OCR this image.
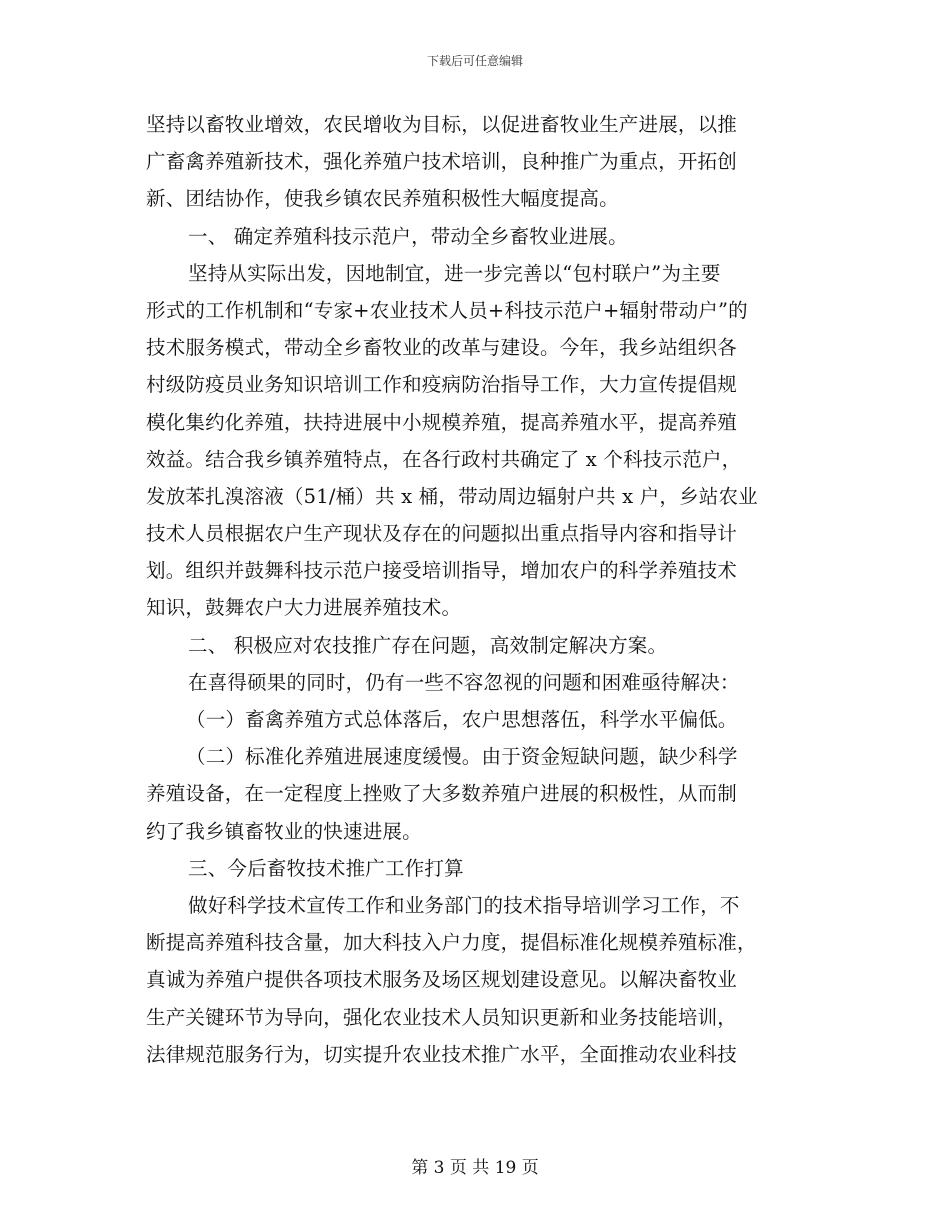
下载后可任意编辑
坚持以畜牧业增效，农民增收为目标，以促进畜牧业生产进展，以推
广畜禽养殖新技术，强化养殖户技术培训，良种推广为重点，开拓创
新、团结协作，使我乡镇农民养殖积极性大幅度提高。
一、 确定养殖科技示范户，带动全乡畜牧业进展。
坚持从实际出发，因地制宜，进一步完善以“包村联户”为主要
形式的工作机制和“专家+农业技术人员+科技示范户+辐射带动户”的
技术服务模式，带动全乡畜牧业的改革与建设。今年，我乡站组织各
村级防疫员业务知识培训工作和疫病防治指导工作，大力宣传提倡规
模化集约化养殖，扶持进展中小规模养殖，提高养殖水平，提高养殖
效益。结合我乡镇养殖特点，在各行政村共确定了 x 个科技示范户，
发放苯扎溴溶液（51/桶）共 x 桶，带动周边辐射户共 x 户，乡站农业
技术人员根据农户生产现状及存在的问题拟出重点指导内容和指导计
划。组织并鼓舞科技示范户接受培训指导，增加农户的科学养殖技术
知识，鼓舞农户大力进展养殖技术。
二、 积极应对农技推广存在问题，高效制定解决方案。
在喜得硕果的同时，仍有一些不容忽视的问题和困难亟待解决：
（一）畜禽养殖方式总体落后，农户思想落伍，科学水平偏低。
（二）标准化养殖进展速度缓慢。由于资金短缺问题，缺少科学
养殖设备，在一定程度上挫败了大多数养殖户进展的积极性，从而制
约了我乡镇畜牧业的快速进展。
三、今后畜牧技术推广工作打算
做好科学技术宣传工作和业务部门的技术指导培训学习工作，不
断提高养殖科技含量，加大科技入户力度，提倡标准化规模养殖标准，
真诚为养殖户提供各项技术服务及场区规划建设意见。以解决畜牧业
生产关键环节为导向，强化农业技术人员知识更新和业务技能培训，
法律规范服务行为，切实提升农业技术推广水平，全面推动农业科技
第 3 页 共 19 页
